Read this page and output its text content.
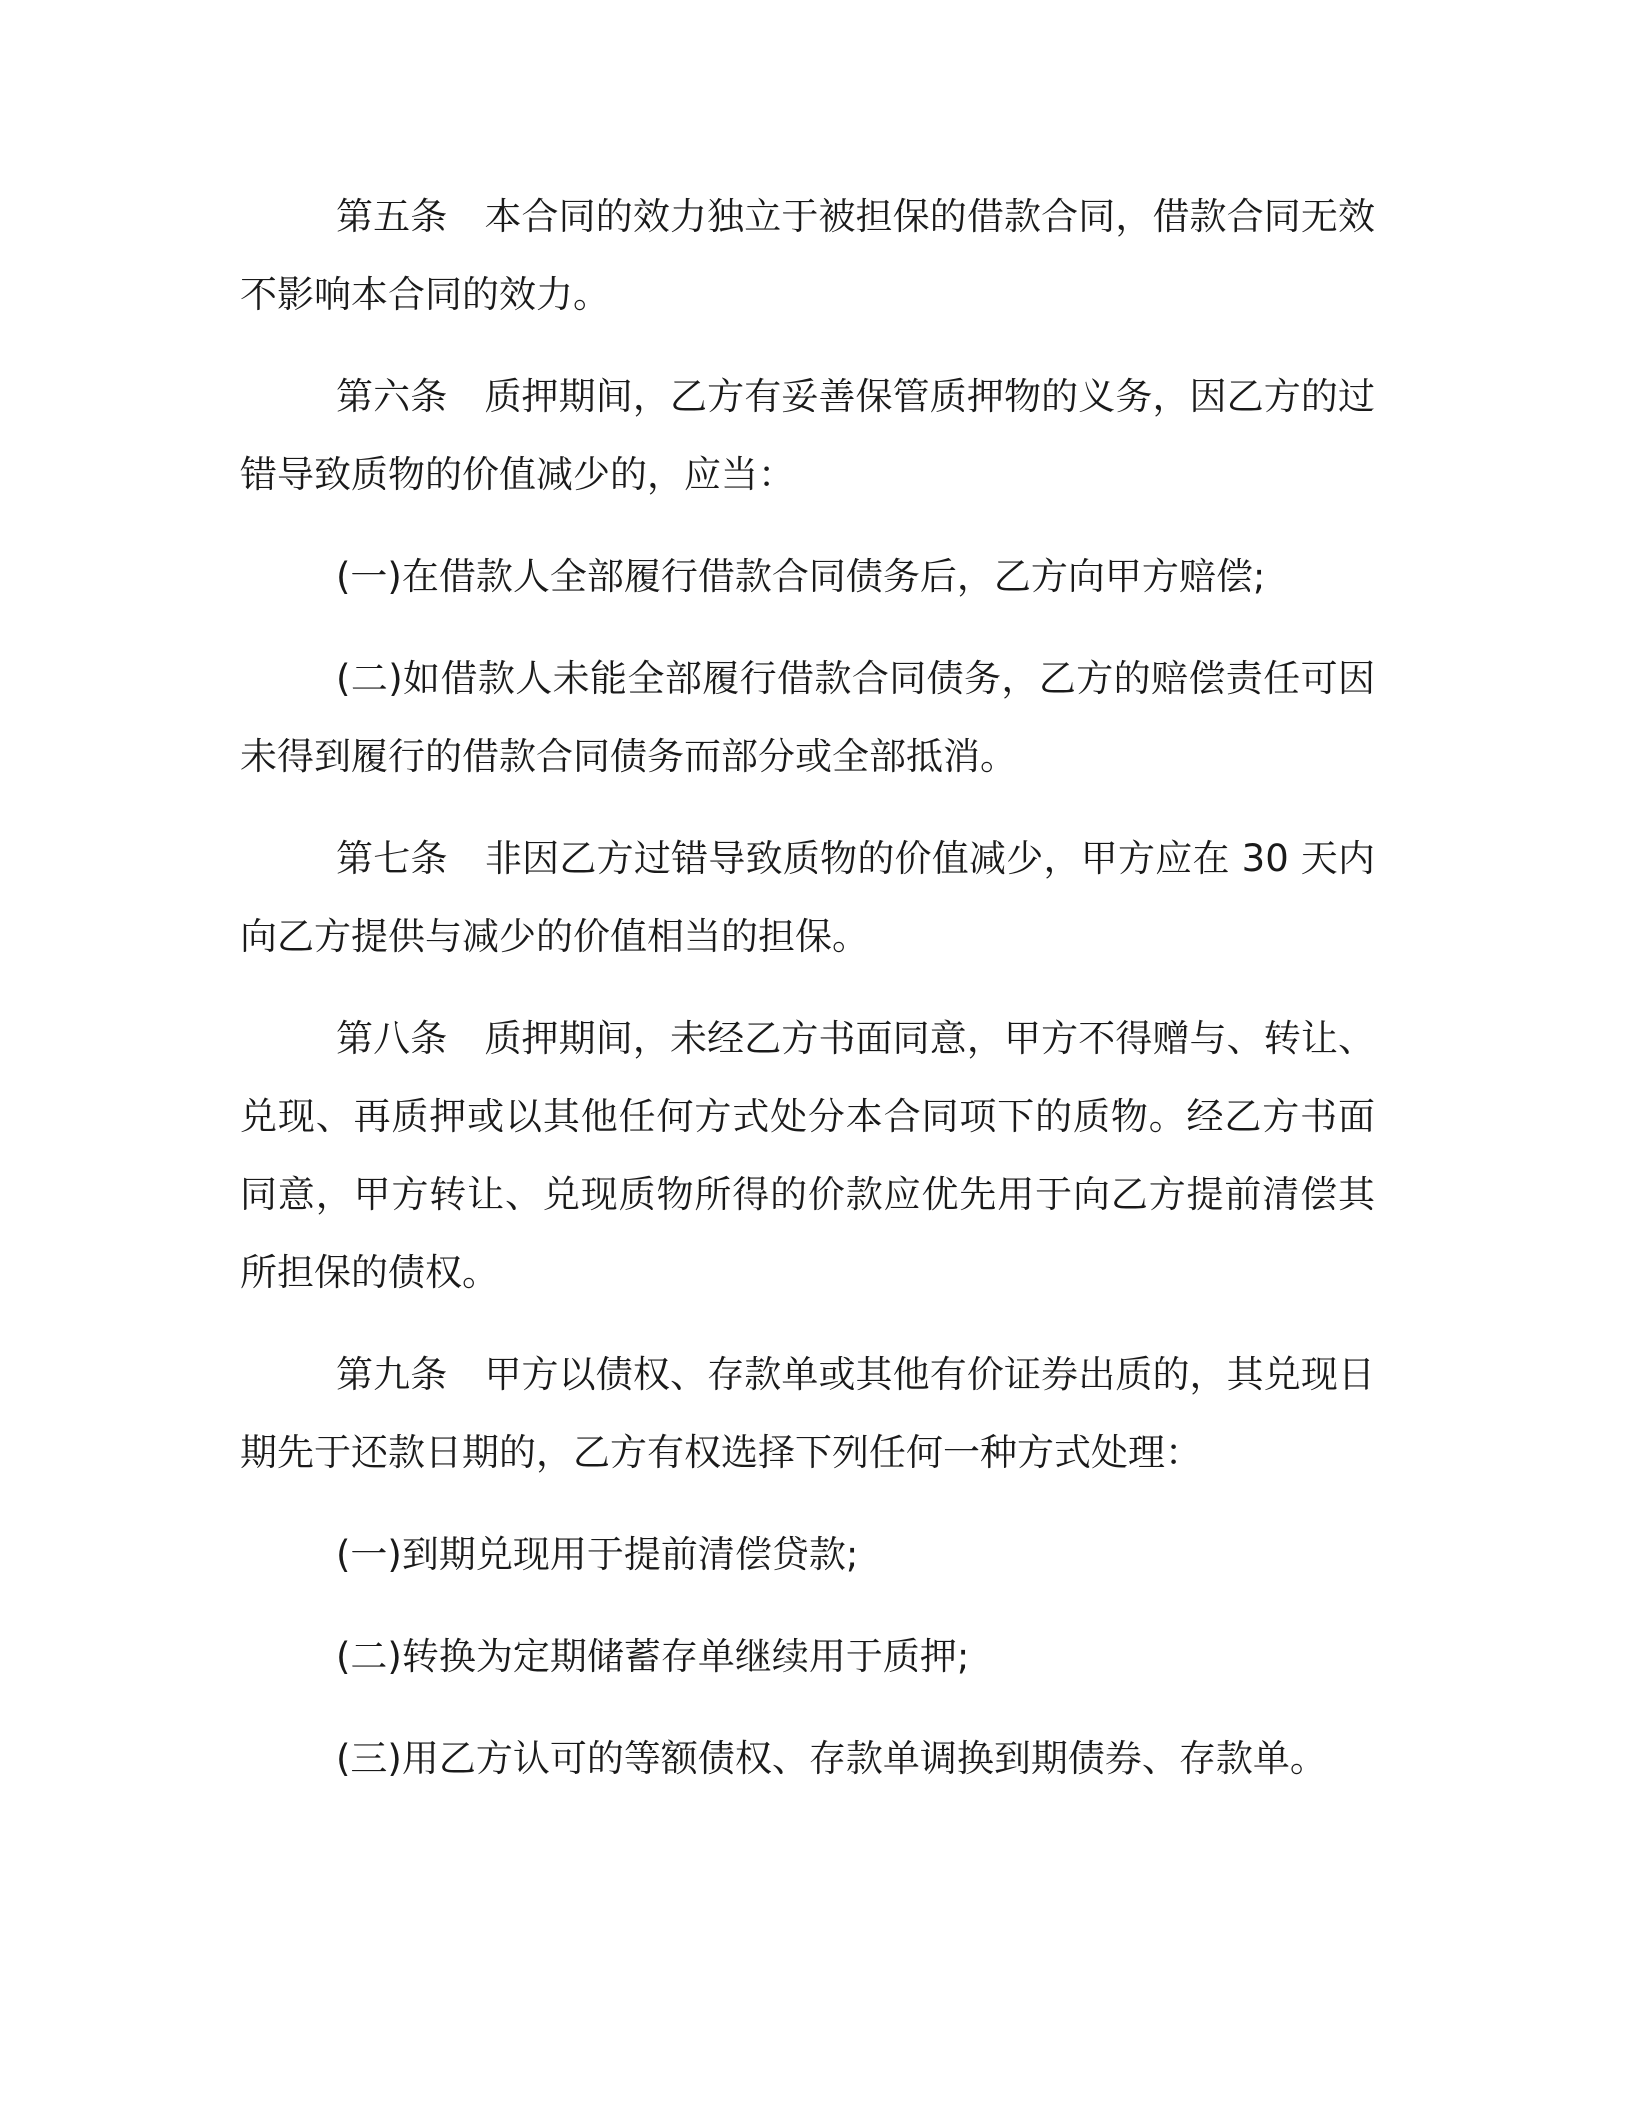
第五条　本合同的效力独立于被担保的借款合同，借款合同无效不影响本合同的效力。

第六条　质押期间，乙方有妥善保管质押物的义务，因乙方的过错导致质物的价值减少的，应当：

(一)在借款人全部履行借款合同债务后，乙方向甲方赔偿;

(二)如借款人未能全部履行借款合同债务，乙方的赔偿责任可因未得到履行的借款合同债务而部分或全部抵消。

第七条　非因乙方过错导致质物的价值减少，甲方应在 30 天内向乙方提供与减少的价值相当的担保。

第八条　质押期间，未经乙方书面同意，甲方不得赠与、转让、兑现、再质押或以其他任何方式处分本合同项下的质物。经乙方书面同意，甲方转让、兑现质物所得的价款应优先用于向乙方提前清偿其所担保的债权。

第九条　甲方以债权、存款单或其他有价证券出质的，其兑现日期先于还款日期的，乙方有权选择下列任何一种方式处理：

(一)到期兑现用于提前清偿贷款;

(二)转换为定期储蓄存单继续用于质押;

(三)用乙方认可的等额债权、存款单调换到期债券、存款单。
